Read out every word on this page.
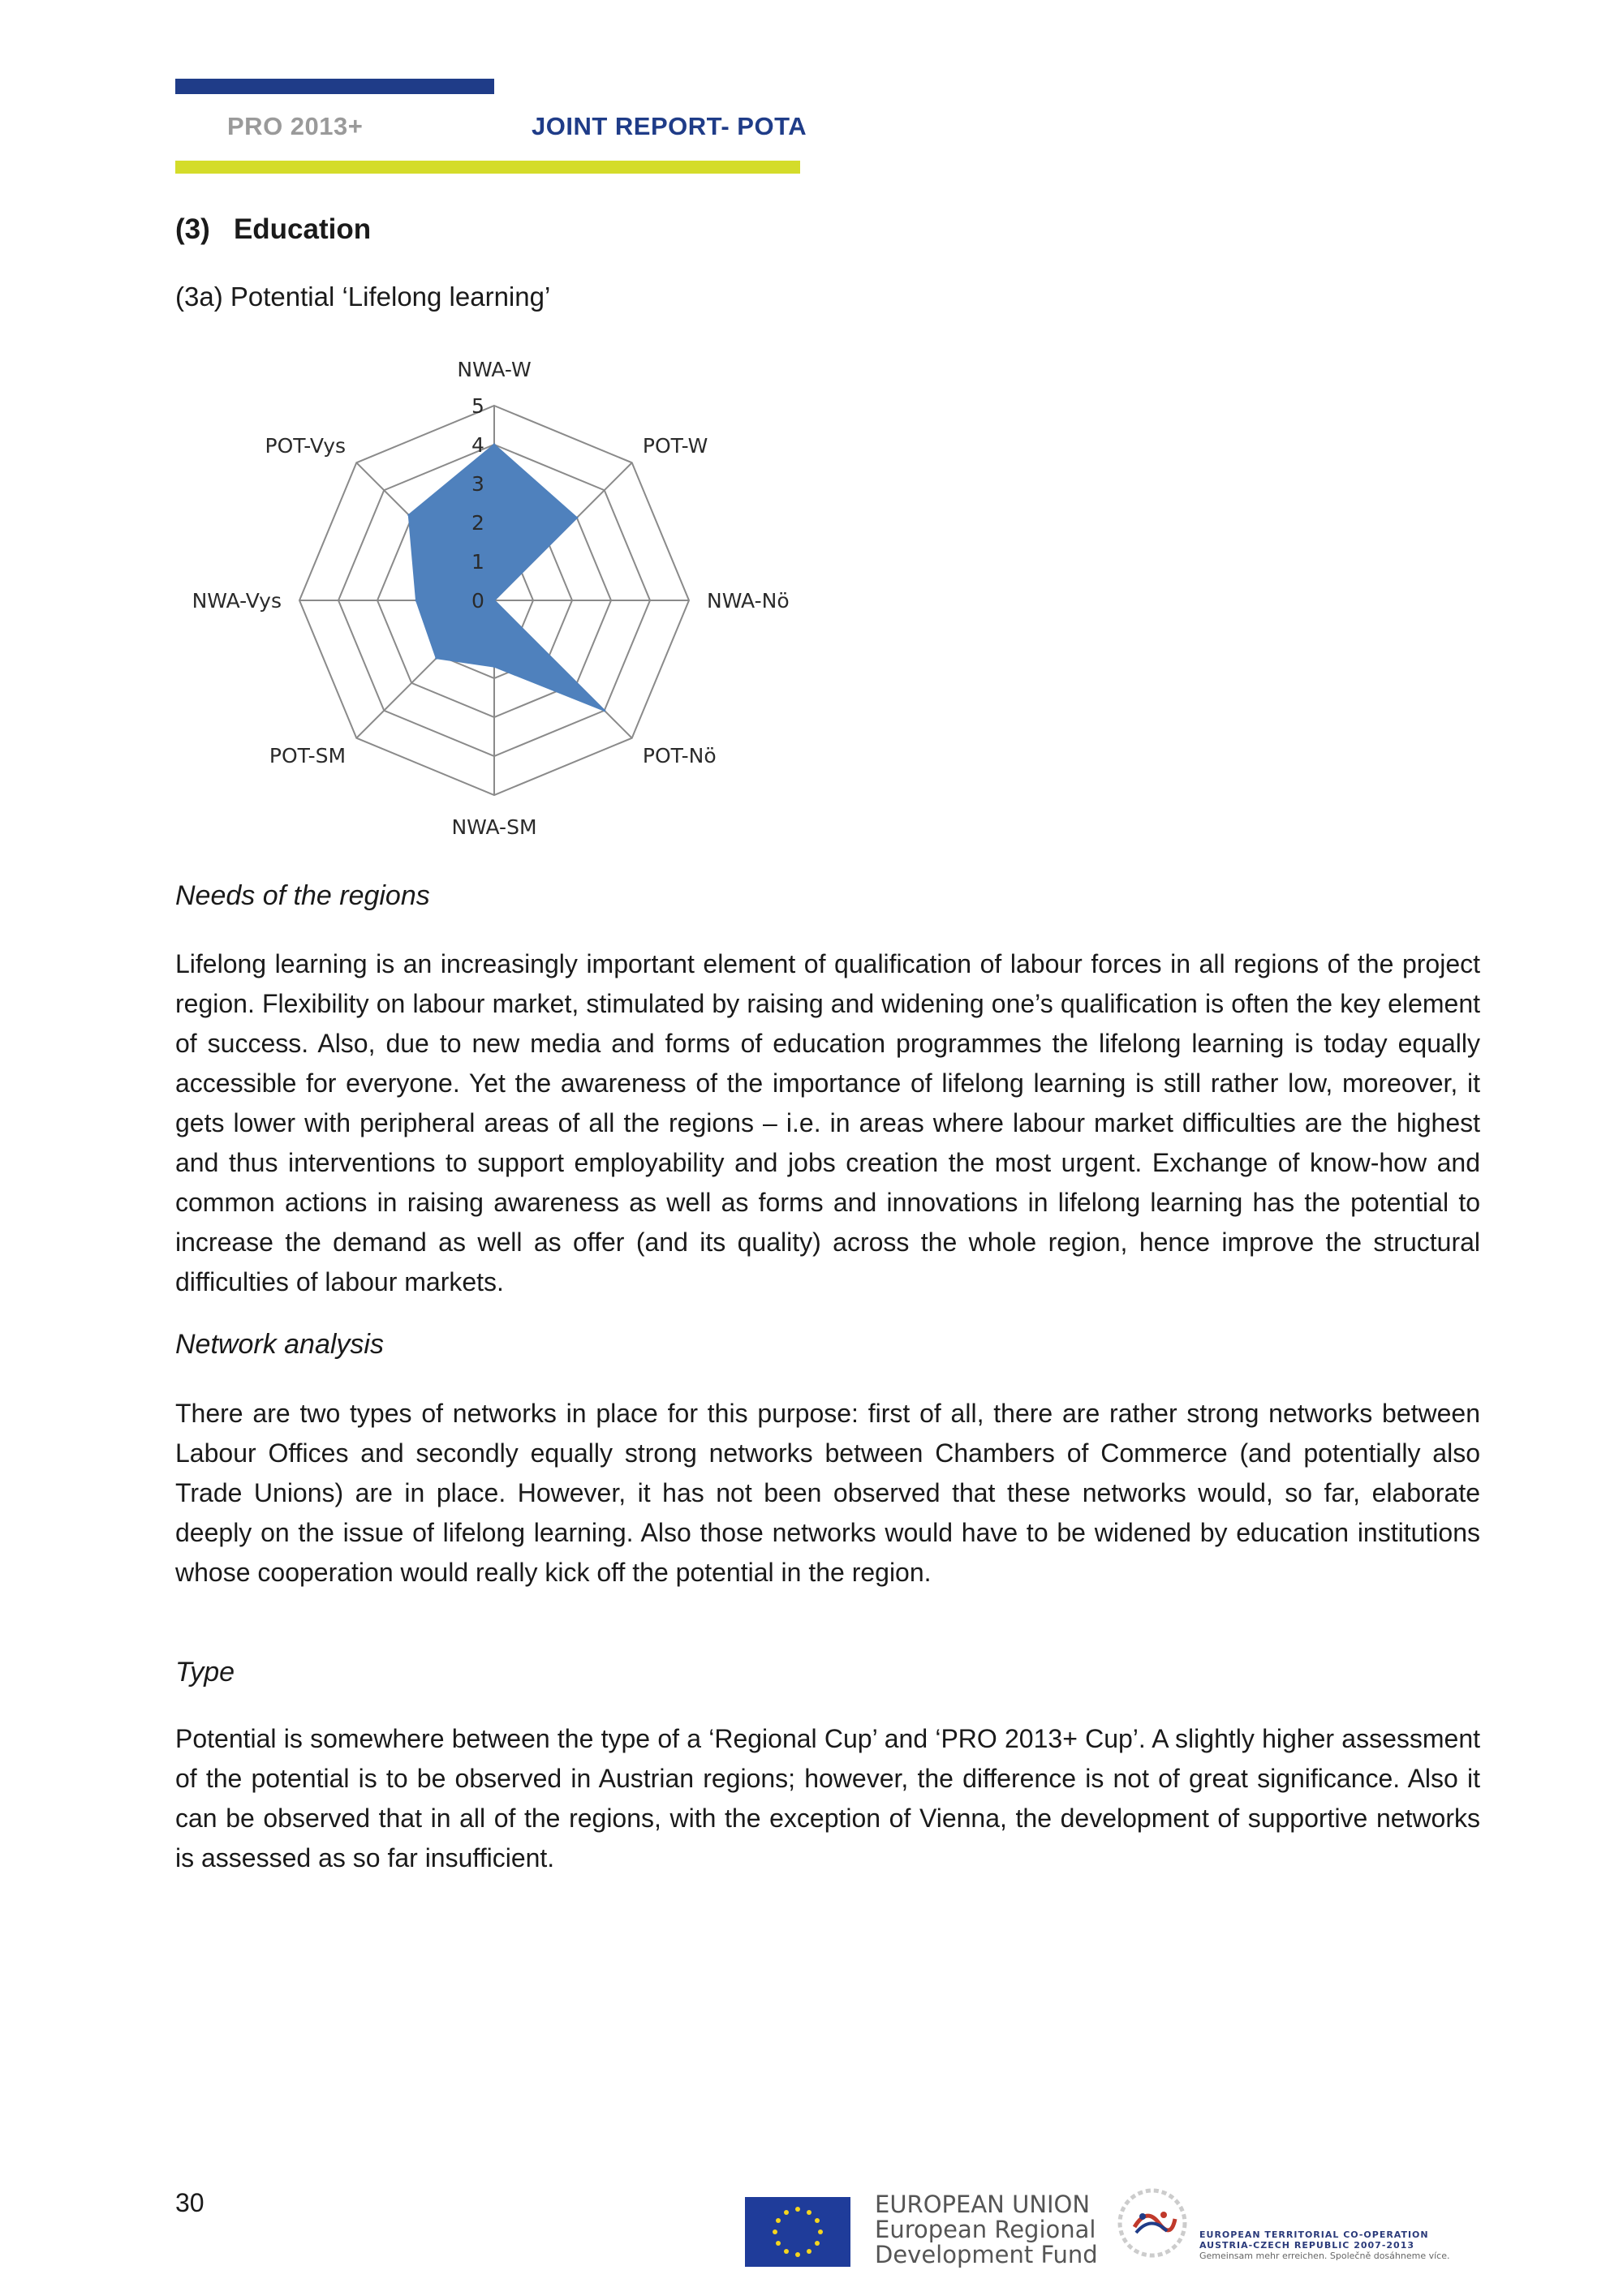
PRO 2013+	JOINT REPORT- POTA
(3)   Education
(3a) Potential ‘Lifelong learning’
0
1
2
3
4
5
NWA-W
POT-W
NWA-Nö
POT-Nö
NWA-SM
POT-SM
NWA-Vys
POT-Vys
Needs of the regions

Lifelong learning is an increasingly important element of qualification of labour forces in all regions of the project region. Flexibility on labour market, stimulated by raising and widening one’s qualification is often the key element of success. Also, due to new media and forms of education programmes the lifelong learning is today equally accessible for everyone. Yet the awareness of the importance of lifelong learning is still rather low, moreover, it gets lower with peripheral areas of all the regions – i.e. in areas where labour market difficulties are the highest and thus interventions to support employability and jobs creation the most urgent. Exchange of know-how and common actions in raising awareness as well as forms and innovations in lifelong learning has the potential to increase the demand as well as offer (and its quality) across the whole region, hence improve the structural difficulties of labour markets.

Network analysis

There are two types of networks in place for this purpose: first of all, there are rather strong networks between Labour Offices and secondly equally strong networks between Chambers of Commerce (and potentially also Trade Unions) are in place. However, it has not been observed that these networks would, so far, elaborate deeply on the issue of lifelong learning. Also those networks would have to be widened by education institutions whose cooperation would really kick off the potential in the region.

Type

Potential is somewhere between the type of a ‘Regional Cup’ and ‘PRO 2013+ Cup’. A slightly higher assessment of the potential is to be observed in Austrian regions; however, the difference is not of great significance. Also it can be observed that in all of the regions, with the exception of Vienna, the development of supportive networks is assessed as so far insufficient.

30	EUROPEAN UNION
European Regional
Development Fund
EUROPEAN TERRITORIAL CO-OPERATION
AUSTRIA-CZECH REPUBLIC 2007-2013
Gemeinsam mehr erreichen. Společně dosáhneme více.
